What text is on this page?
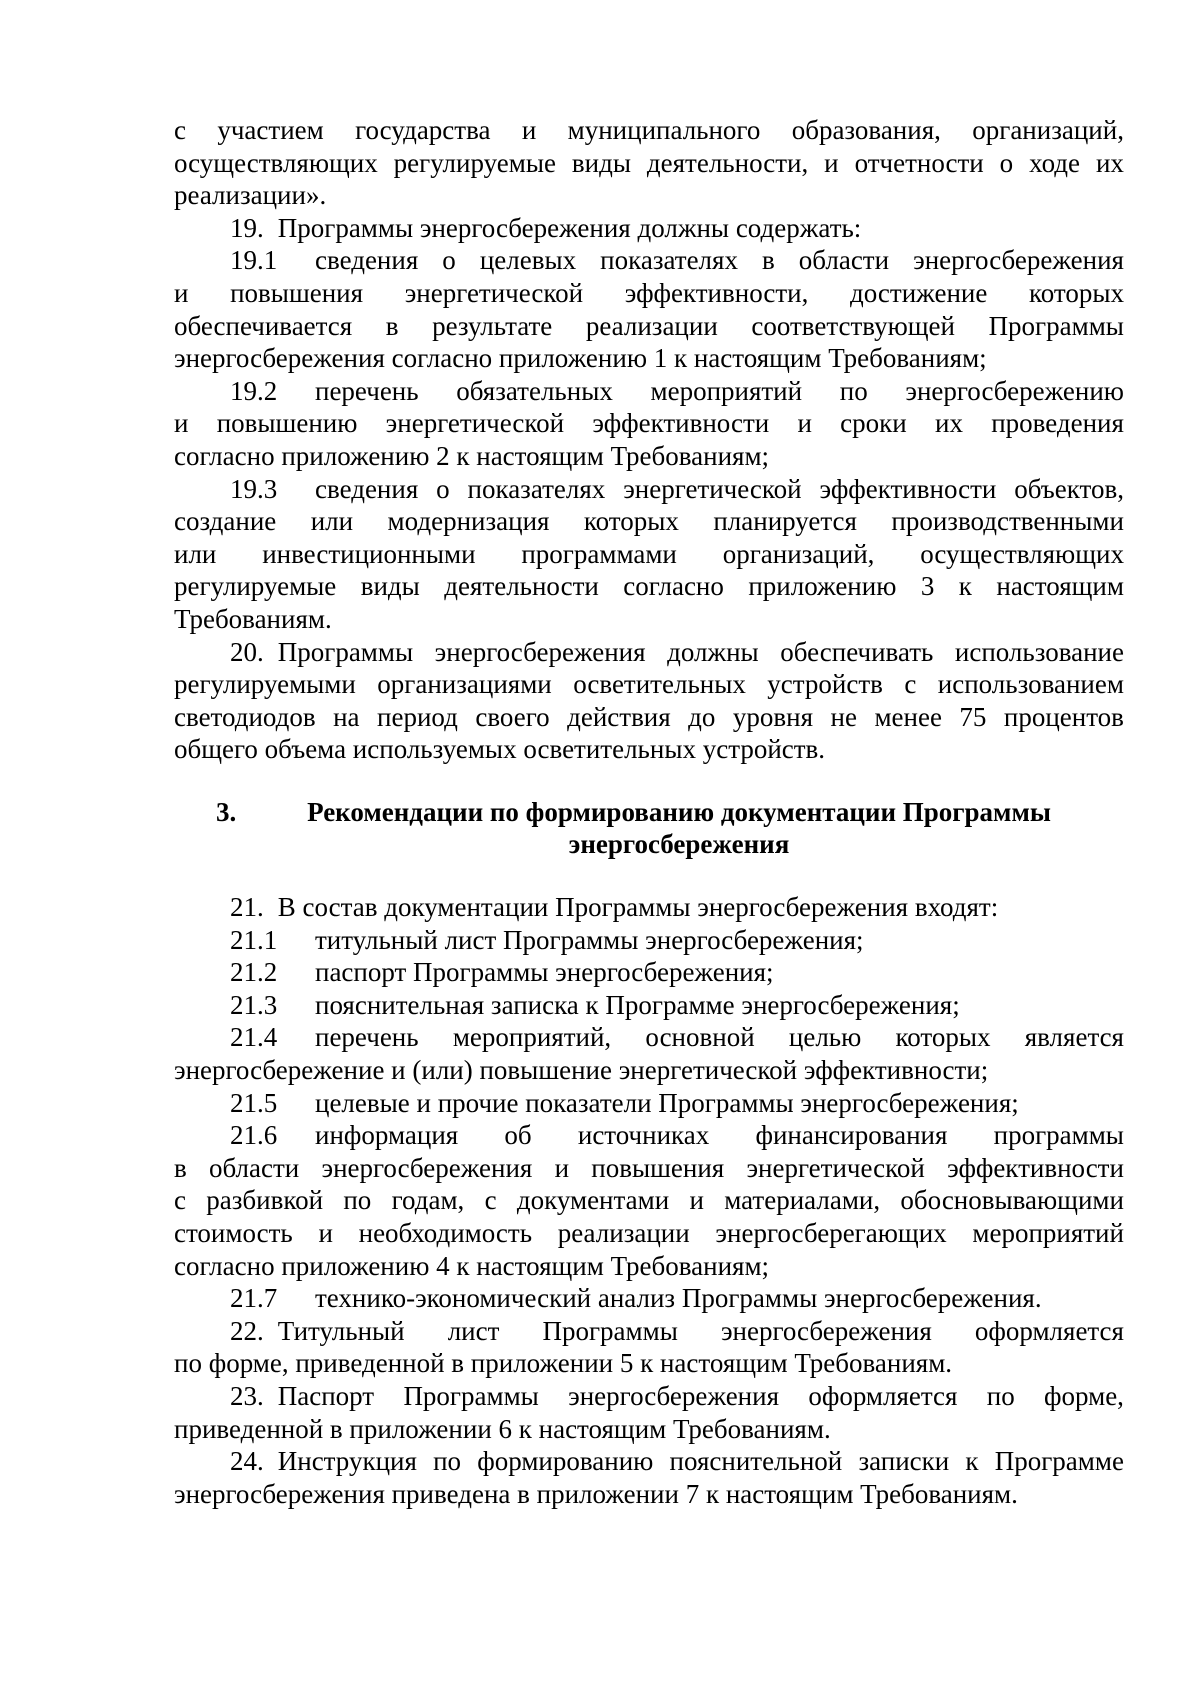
с участием государства и муниципального образования, организаций,
осуществляющих регулируемые виды деятельности, и отчетности о ходе их
реализации».
19. Программы энергосбережения должны содержать:
19.1	сведения о целевых показателях в области энергосбережения
и повышения энергетической эффективности, достижение которых
обеспечивается в результате реализации соответствующей Программы
энергосбережения согласно приложению 1 к настоящим Требованиям;
19.2	перечень обязательных мероприятий по энергосбережению
и повышению энергетической эффективности и сроки их проведения
согласно приложению 2 к настоящим Требованиям;
19.3	сведения о показателях энергетической эффективности объектов,
создание или модернизация которых планируется производственными
или инвестиционными программами организаций, осуществляющих
регулируемые виды деятельности согласно приложению 3 к настоящим
Требованиям.
20. Программы энергосбережения должны обеспечивать использование
регулируемыми организациями осветительных устройств с использованием
светодиодов на период своего действия до уровня не менее 75 процентов
общего объема используемых осветительных устройств.
3.	Рекомендации по формированию документации Программы
энергосбережения
21. В состав документации Программы энергосбережения входят:
21.1 титульный лист Программы энергосбережения;
21.2 паспорт Программы энергосбережения;
21.3 пояснительная записка к Программе энергосбережения;
21.4	перечень мероприятий, основной целью которых является
энергосбережение и (или) повышение энергетической эффективности;
21.5 целевые и прочие показатели Программы энергосбережения;
21.6	информация об источниках финансирования программы
в области энергосбережения и повышения энергетической эффективности
с разбивкой по годам, с документами и материалами, обосновывающими
стоимость и необходимость реализации энергосберегающих мероприятий
согласно приложению 4 к настоящим Требованиям;
21.7 технико-экономический анализ Программы энергосбережения.
22. Титульный лист Программы энергосбережения оформляется
по форме, приведенной в приложении 5 к настоящим Требованиям.
23. Паспорт Программы энергосбережения оформляется по форме,
приведенной в приложении 6 к настоящим Требованиям.
24. Инструкция по формированию пояснительной записки к Программе
энергосбережения приведена в приложении 7 к настоящим Требованиям.
